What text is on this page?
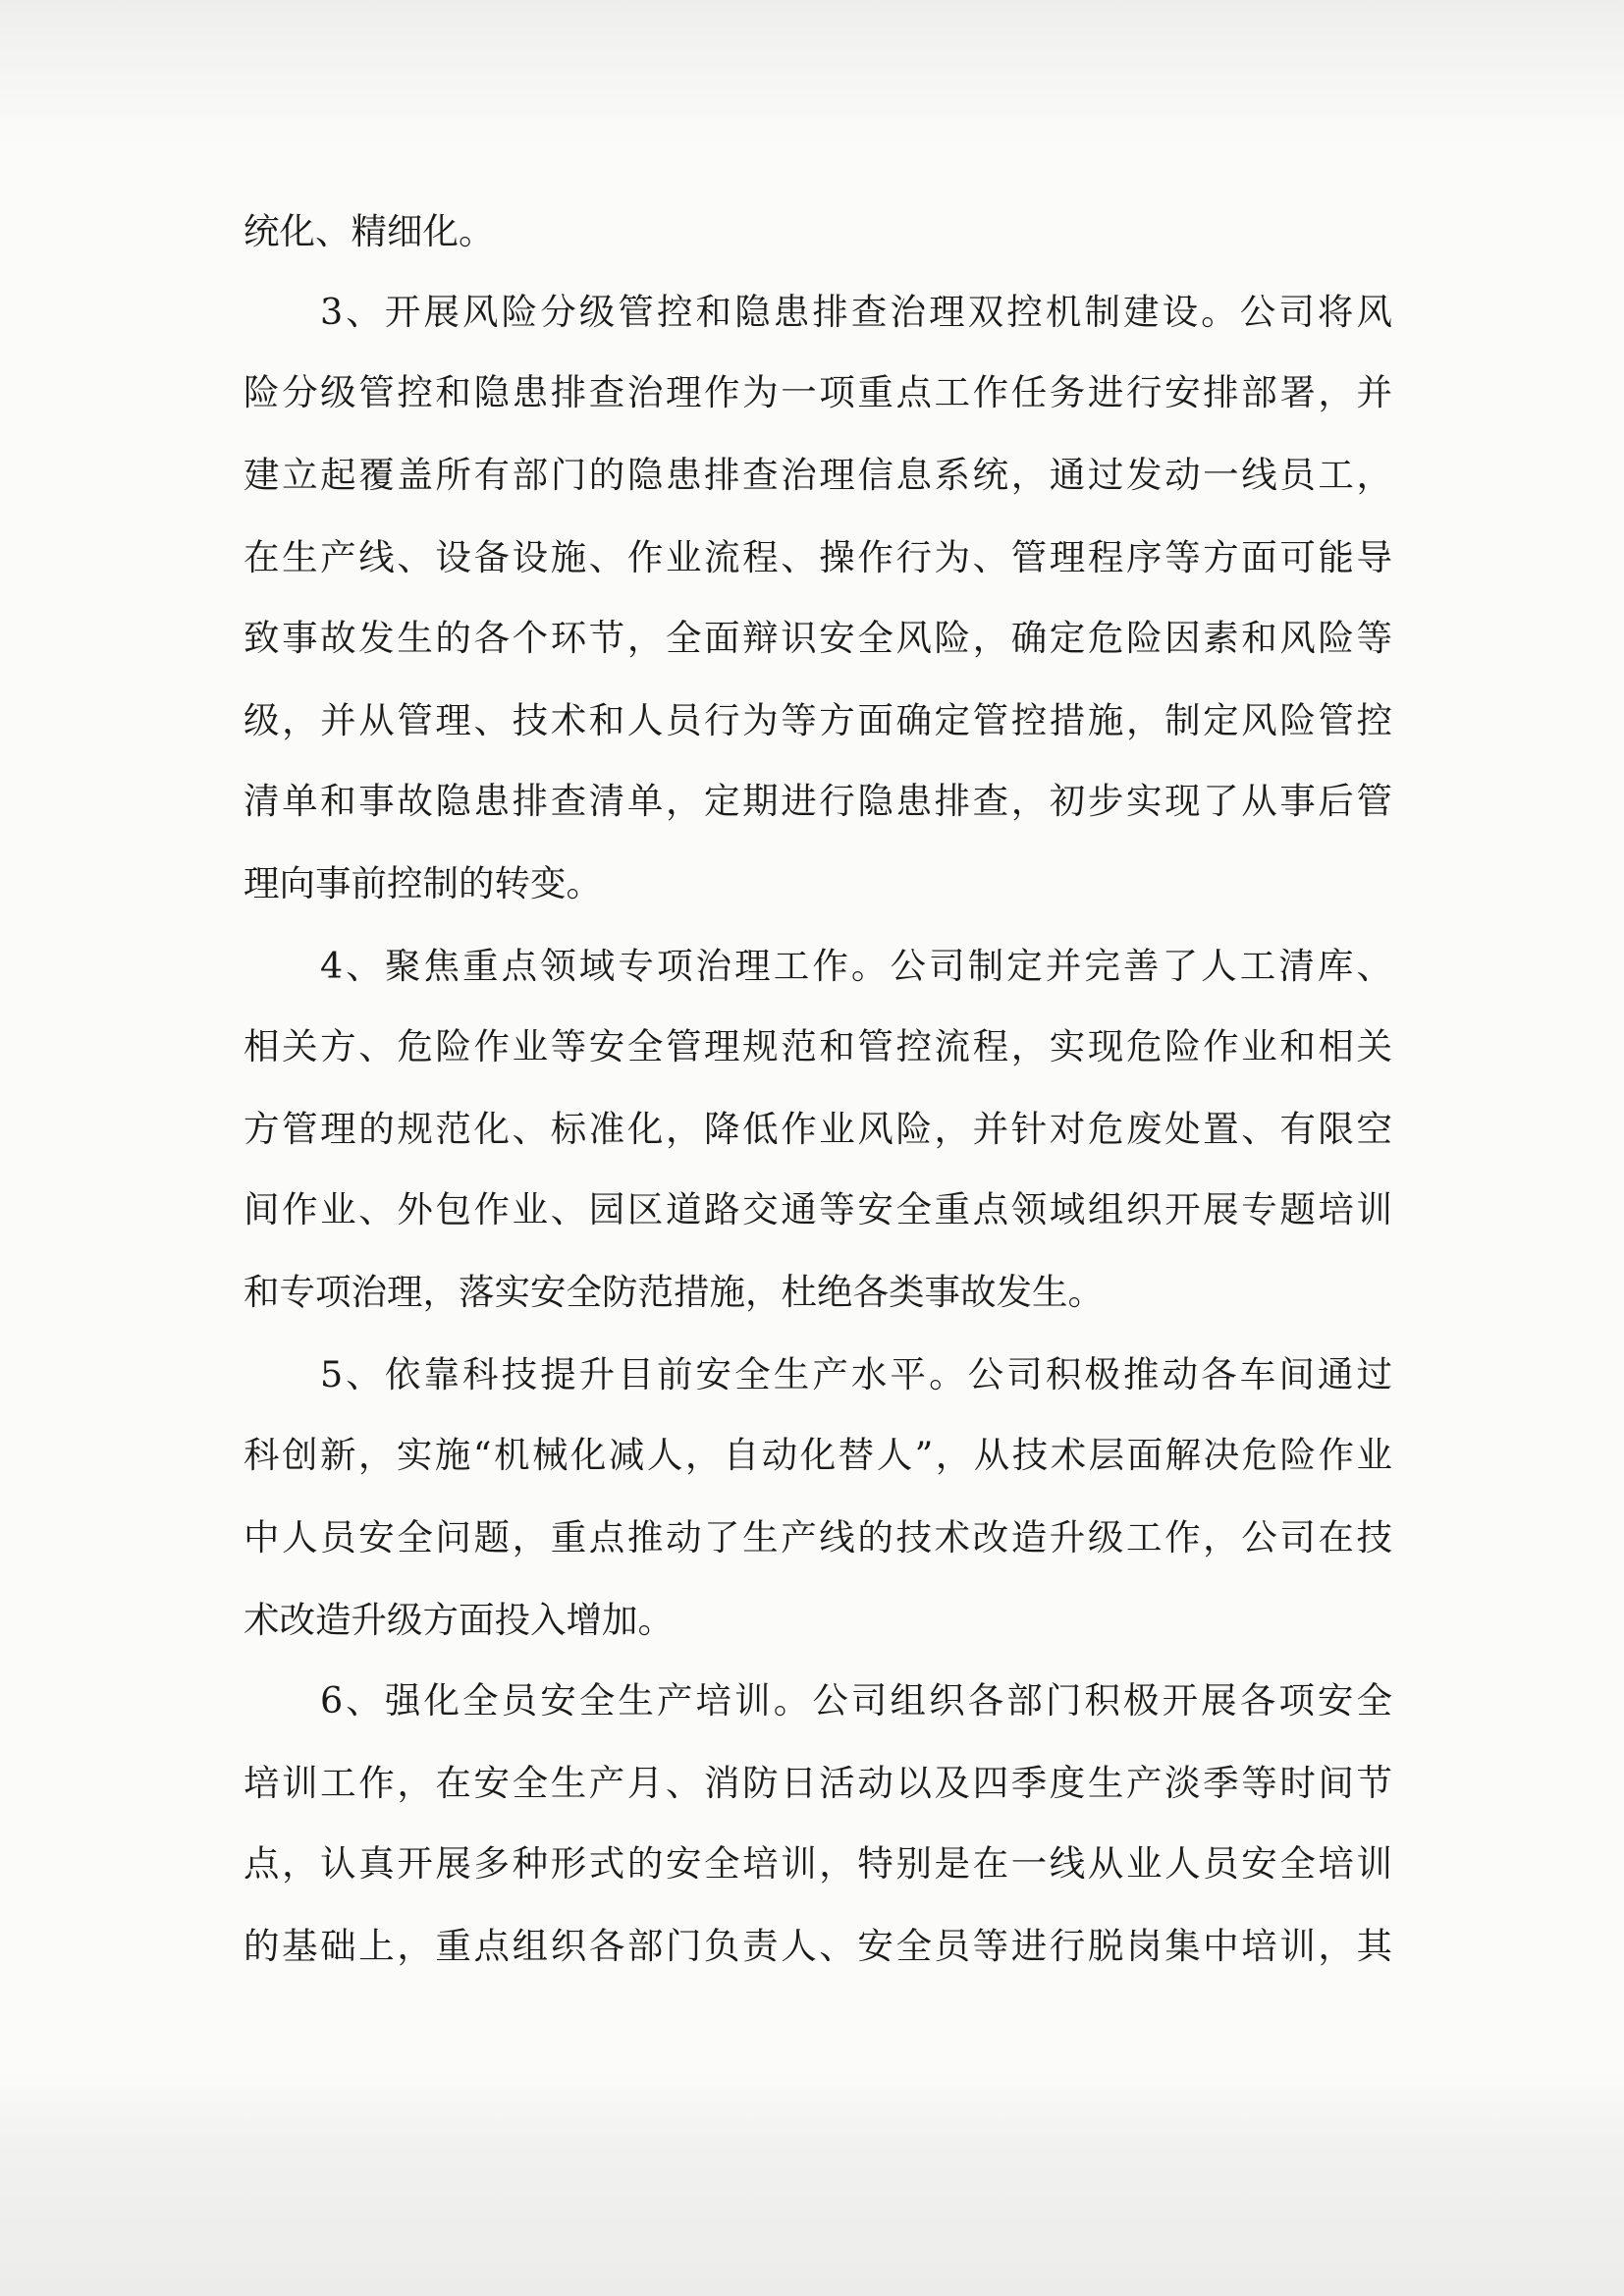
统化、精细化。
3、开展风险分级管控和隐患排查治理双控机制建设。公司将风
险分级管控和隐患排查治理作为一项重点工作任务进行安排部署，并
建立起覆盖所有部门的隐患排查治理信息系统，通过发动一线员工，
在生产线、设备设施、作业流程、操作行为、管理程序等方面可能导
致事故发生的各个环节，全面辩识安全风险，确定危险因素和风险等
级，并从管理、技术和人员行为等方面确定管控措施，制定风险管控
清单和事故隐患排查清单，定期进行隐患排查，初步实现了从事后管
理向事前控制的转变。
4、聚焦重点领域专项治理工作。公司制定并完善了人工清库、
相关方、危险作业等安全管理规范和管控流程，实现危险作业和相关
方管理的规范化、标准化，降低作业风险，并针对危废处置、有限空
间作业、外包作业、园区道路交通等安全重点领域组织开展专题培训
和专项治理，落实安全防范措施，杜绝各类事故发生。
5、依靠科技提升目前安全生产水平。公司积极推动各车间通过
科创新，实施“机械化减人，自动化替人”，从技术层面解决危险作业
中人员安全问题，重点推动了生产线的技术改造升级工作，公司在技
术改造升级方面投入增加。
6、强化全员安全生产培训。公司组织各部门积极开展各项安全
培训工作，在安全生产月、消防日活动以及四季度生产淡季等时间节
点，认真开展多种形式的安全培训，特别是在一线从业人员安全培训
的基础上，重点组织各部门负责人、安全员等进行脱岗集中培训，其
